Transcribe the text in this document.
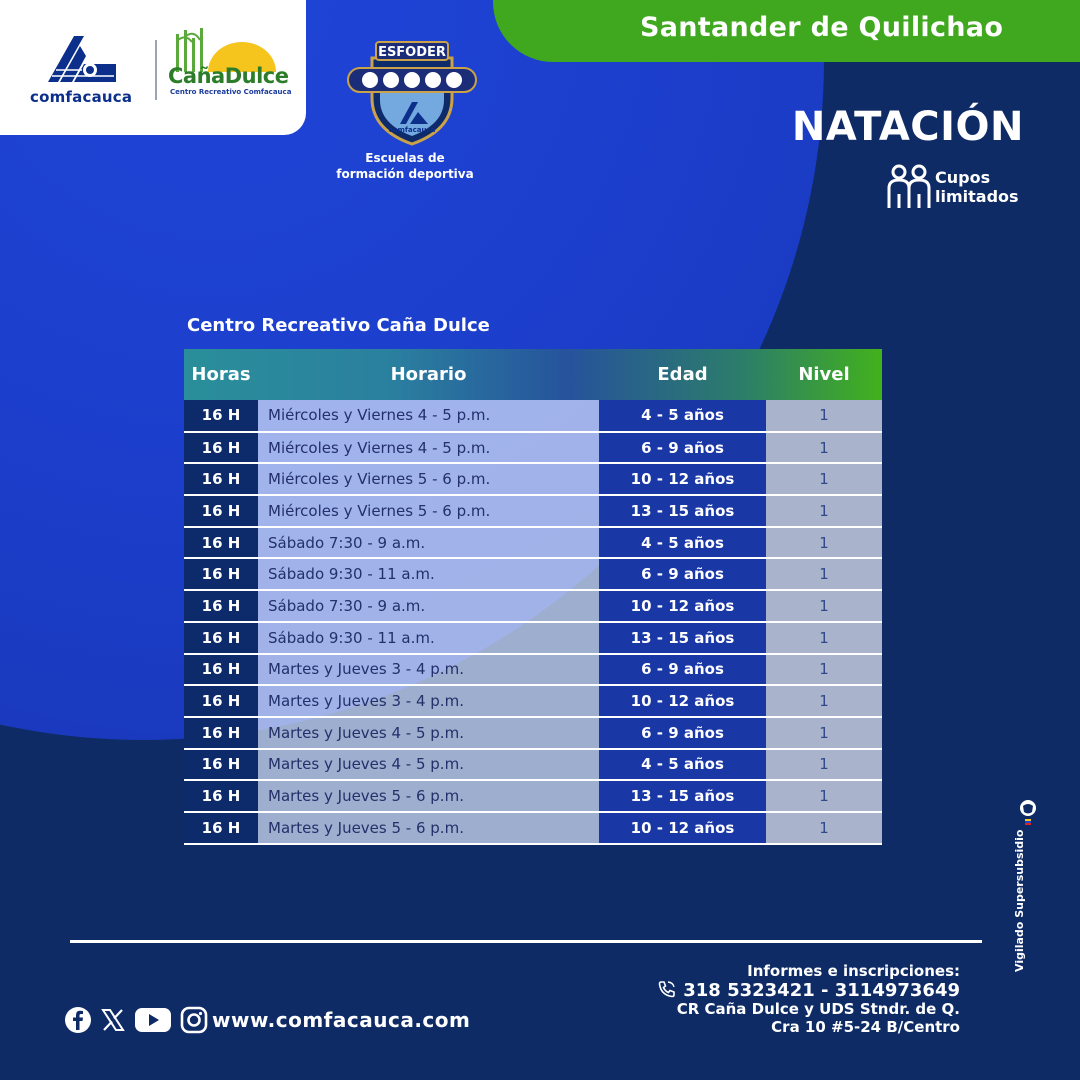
comfacauca
CañaDulce
Centro Recreativo Comfacauca
Santander de Quilichao
ESFODER
comfacauca
Escuelas de
formación deportiva
NATACIÓN
Cupos
limitados
Centro Recreativo Caña Dulce
Horas	Horario	Edad	Nivel
16 H	Miércoles y Viernes 4 - 5 p.m.	4 - 5 años	1
16 H	Miércoles y Viernes 4 - 5 p.m.	6 - 9 años	1
16 H	Miércoles y Viernes 5 - 6 p.m.	10 - 12 años	1
16 H	Miércoles y Viernes 5 - 6 p.m.	13 - 15 años	1
16 H	Sábado 7:30 - 9 a.m.	4 - 5 años	1
16 H	Sábado 9:30 - 11 a.m.	6 - 9 años	1
16 H	Sábado 7:30 - 9 a.m.	10 - 12 años	1
16 H	Sábado 9:30 - 11 a.m.	13 - 15 años	1
16 H	Martes y Jueves 3 - 4 p.m.	6 - 9 años	1
16 H	Martes y Jueves 3 - 4 p.m.	10 - 12 años	1
16 H	Martes y Jueves 4 - 5 p.m.	6 - 9 años	1
16 H	Martes y Jueves 4 - 5 p.m.	4 - 5 años	1
16 H	Martes y Jueves 5 - 6 p.m.	13 - 15 años	1
16 H	Martes y Jueves 5 - 6 p.m.	10 - 12 años	1
www.comfacauca.com
Informes e inscripciones:
318 5323421 - 3114973649
CR Caña Dulce y UDS Stndr. de Q.
Cra 10 #5-24 B/Centro
Vigilado Supersubsidio
